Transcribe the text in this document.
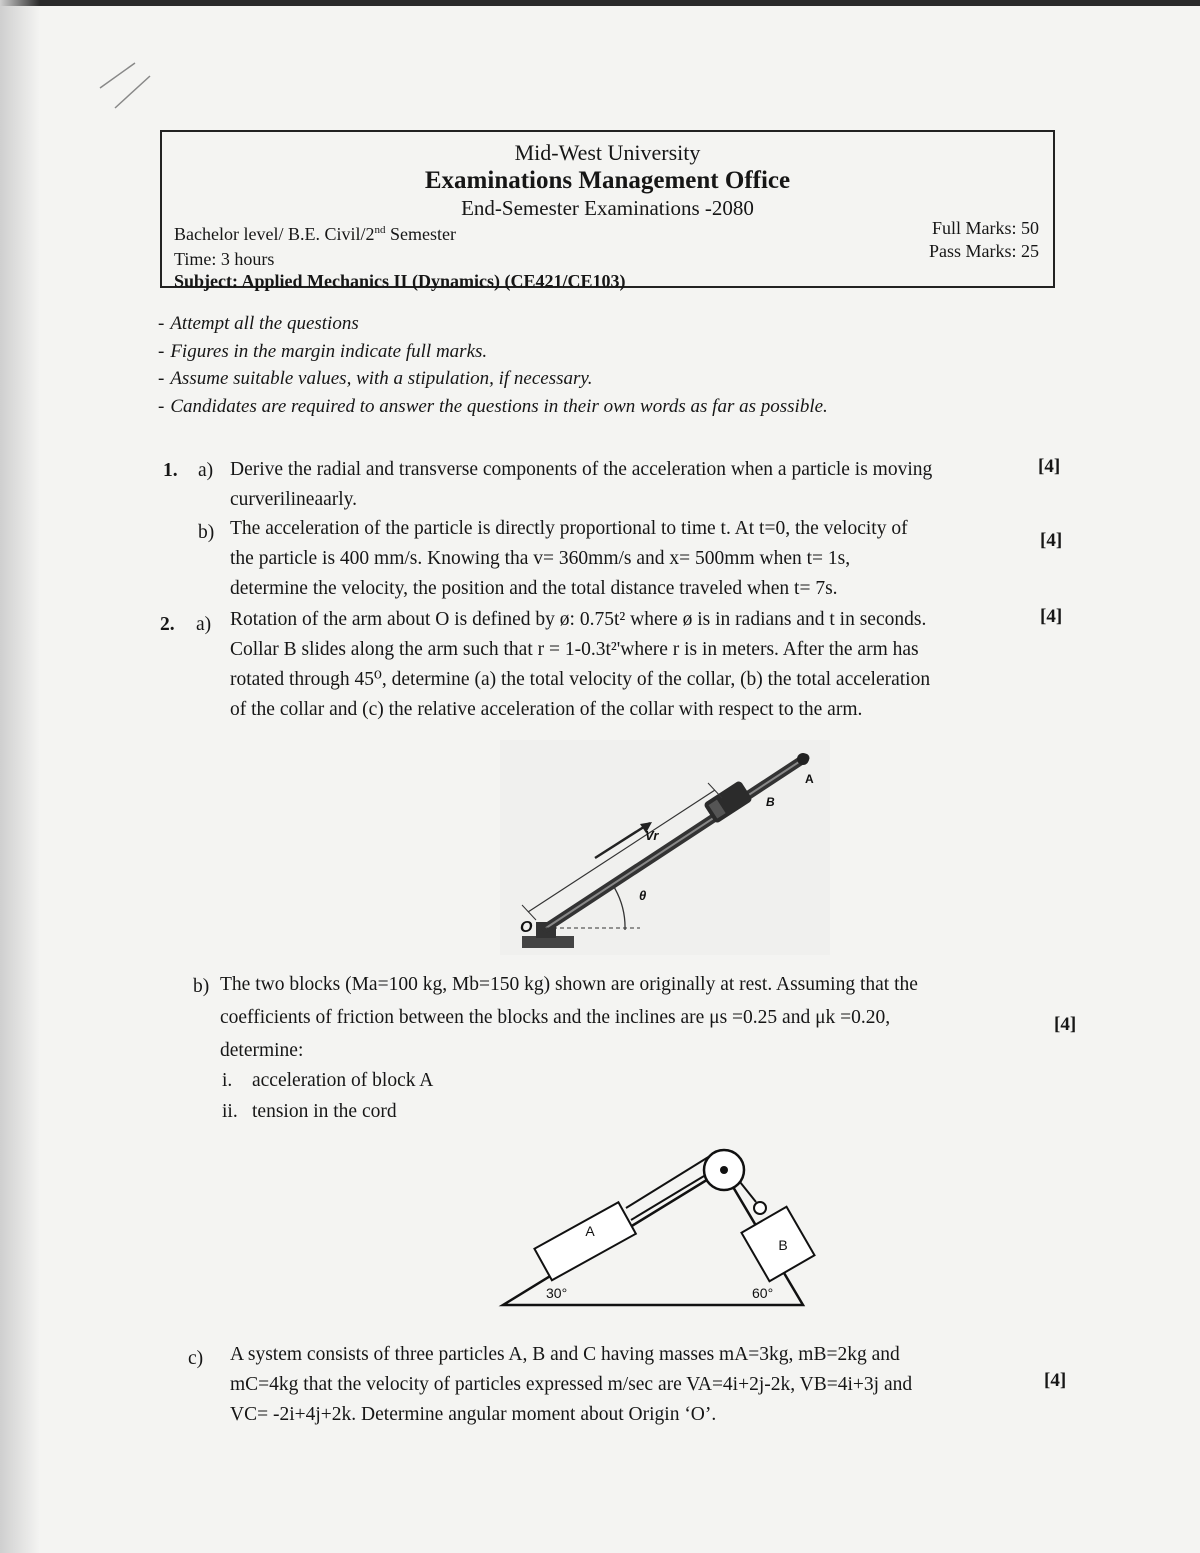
Mid-West University
Examinations Management Office
End-Semester Examinations -2080
Bachelor level/ B.E. Civil/2nd Semester
Time: 3 hours
Subject: Applied Mechanics II (Dynamics) (CE421/CE103)
Full Marks: 50
Pass Marks: 25
- Attempt all the questions
- Figures in the margin indicate full marks.
- Assume suitable values, with a stipulation, if necessary.
- Candidates are required to answer the questions in their own words as far as possible.
1. a) Derive the radial and transverse components of the acceleration when a particle is moving
curverilineaarly.
[4]
b) The acceleration of the particle is directly proportional to time t. At t=0, the velocity of
the particle is 400 mm/s. Knowing tha v= 360mm/s and x= 500mm when t= 1s,
determine the velocity, the position and the total distance traveled when t= 7s.
[4]
2. a) Rotation of the arm about O is defined by ø: 0.75t² where ø is in radians and t in seconds.
Collar B slides along the arm such that r = 1-0.3t²'where r is in meters. After the arm has
rotated through 45⁰, determine (a) the total velocity of the collar, (b) the total acceleration
of the collar and (c) the relative acceleration of the collar with respect to the arm.
[4]
O
A
B
θ
Vr
b) The two blocks (Ma=100 kg, Mb=150 kg) shown are originally at rest. Assuming that the
coefficients of friction between the blocks and the inclines are μs =0.25 and μk =0.20,
determine:
[4]
i. acceleration of block A
ii. tension in the cord
A
B
30°	60°
c) A system consists of three particles A, B and C having masses mA=3kg, mB=2kg and
mC=4kg that the velocity of particles expressed m/sec are VA=4i+2j-2k, VB=4i+3j and
VC= -2i+4j+2k. Determine angular moment about Origin ‘O’.
[4]
